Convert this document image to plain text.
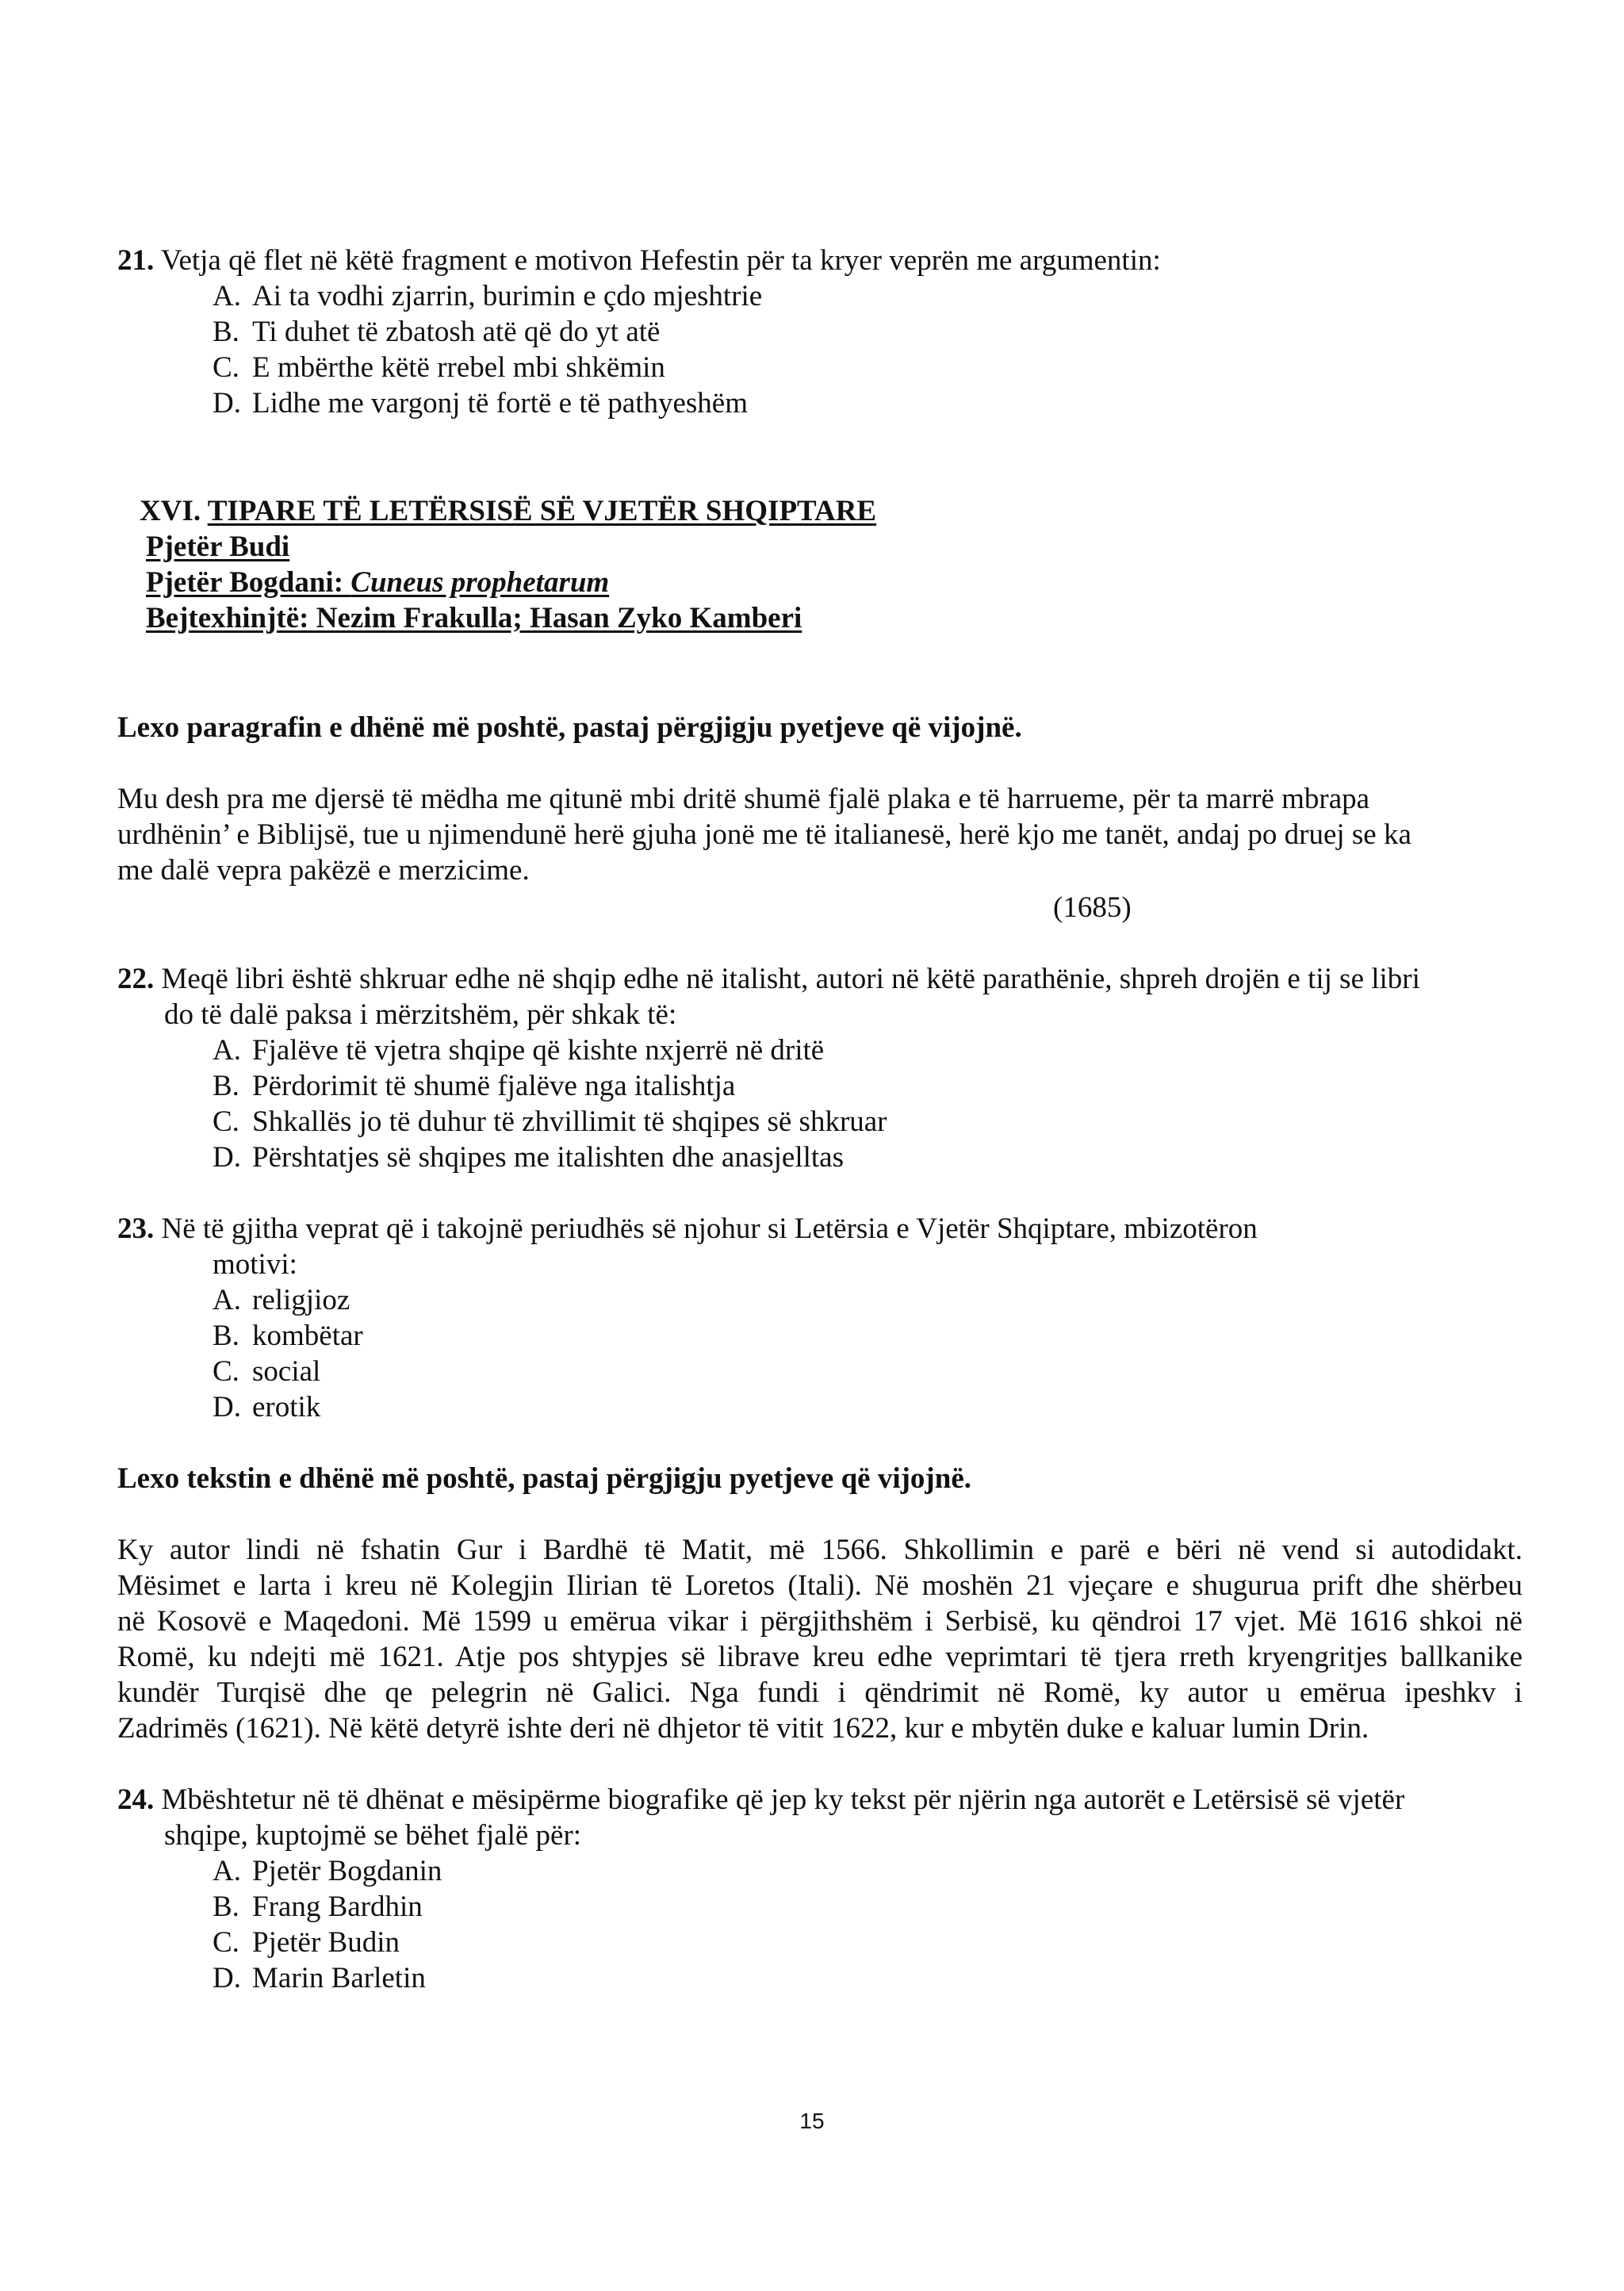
21. Vetja që flet në këtë fragment e motivon Hefestin për ta kryer veprën me argumentin:
A. Ai ta vodhi zjarrin, burimin e çdo mjeshtrie
B. Ti duhet të zbatosh atë që do yt atë
C. E mbërthe këtë rrebel mbi shkëmin
D. Lidhe me vargonj të fortë e të pathyeshëm
XVI. TIPARE TË LETËRSISË SË VJETËR SHQIPTARE
Pjetër Budi
Pjetër Bogdani: Cuneus prophetarum
Bejtexhinjtë: Nezim Frakulla; Hasan Zyko Kamberi
Lexo paragrafin e dhënë më poshtë, pastaj përgjigju pyetjeve që vijojnë.
Mu desh pra me djersë të mëdha me qitunë mbi dritë shumë fjalë plaka e të harrueme, për ta marrë mbrapa
urdhënin’ e Biblijsë, tue u njimendunë herë gjuha jonë me të italianesë, herë kjo me tanët, andaj po druej se ka
me dalë vepra pakëzë e merzicime.
(1685)
22. Meqë libri është shkruar edhe në shqip edhe në italisht, autori në këtë parathënie, shpreh drojën e tij se libri
do të dalë paksa i mërzitshëm, për shkak të:
A. Fjalëve të vjetra shqipe që kishte nxjerrë në dritë
B. Përdorimit të shumë fjalëve nga italishtja
C. Shkallës jo të duhur të zhvillimit të shqipes së shkruar
D. Përshtatjes së shqipes me italishten dhe anasjelltas
23. Në të gjitha veprat që i takojnë periudhës së njohur si Letërsia e Vjetër Shqiptare, mbizotëron
motivi:
A. religjioz
B. kombëtar
C. social
D. erotik
Lexo tekstin e dhënë më poshtë, pastaj përgjigju pyetjeve që vijojnë.
Ky autor lindi në fshatin Gur i Bardhë të Matit, më 1566. Shkollimin e parë e bëri në vend si autodidakt.
Mësimet e larta i kreu në Kolegjin Ilirian të Loretos (Itali). Në moshën 21 vjeçare e shugurua prift dhe shërbeu
në Kosovë e Maqedoni. Më 1599 u emërua vikar i përgjithshëm i Serbisë, ku qëndroi 17 vjet. Më 1616 shkoi në
Romë, ku ndejti më 1621. Atje pos shtypjes së librave kreu edhe veprimtari të tjera rreth kryengritjes ballkanike
kundër Turqisë dhe qe pelegrin në Galici. Nga fundi i qëndrimit në Romë, ky autor u emërua ipeshkv i
Zadrimës (1621). Në këtë detyrë ishte deri në dhjetor të vitit 1622, kur e mbytën duke e kaluar lumin Drin.
24. Mbështetur në të dhënat e mësipërme biografike që jep ky tekst për njërin nga autorët e Letërsisë së vjetër
shqipe, kuptojmë se bëhet fjalë për:
A. Pjetër Bogdanin
B. Frang Bardhin
C. Pjetër Budin
D. Marin Barletin
15
